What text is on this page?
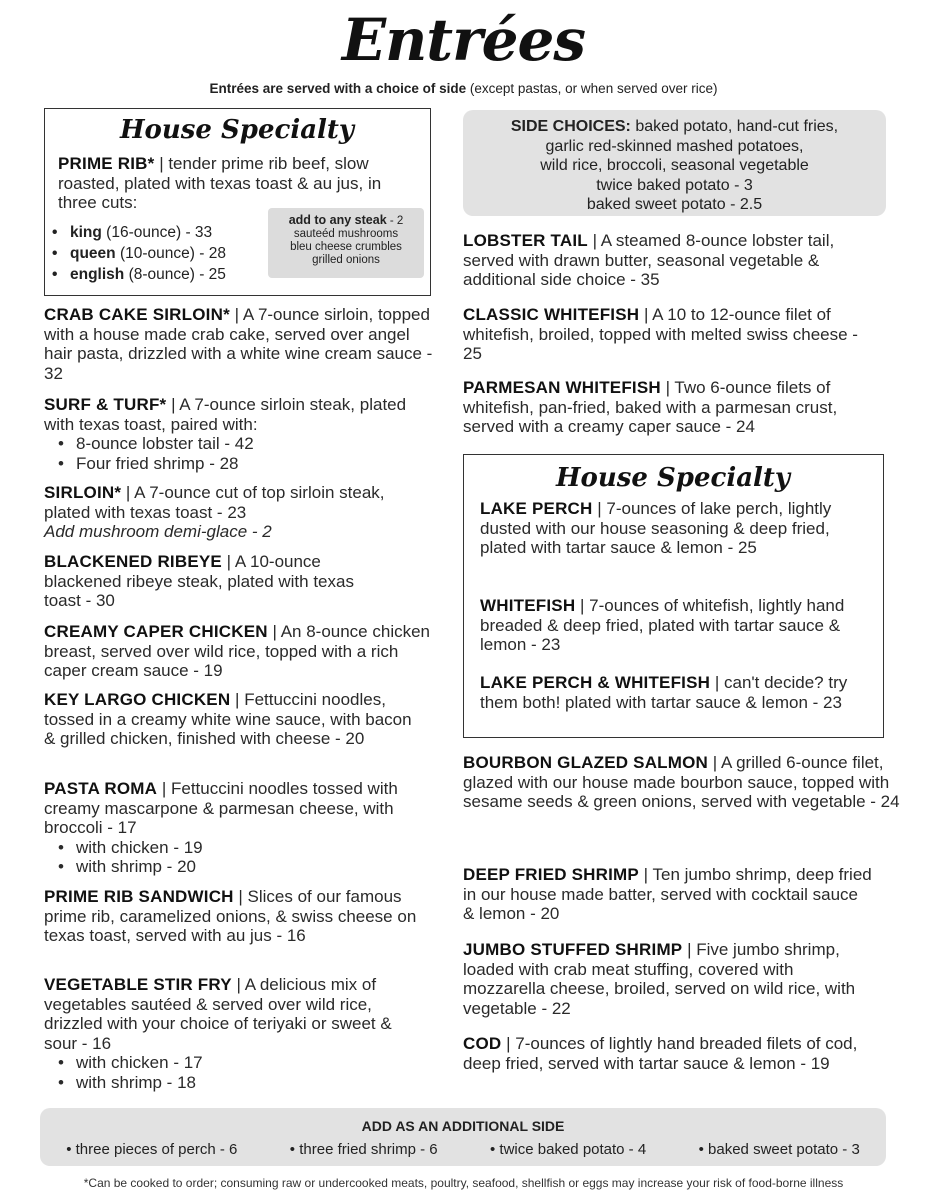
Entrées
Entrées are served with a choice of side (except pastas, or when served over rice)
House Specialty
PRIME RIB* | tender prime rib beef, slow roasted, plated with texas toast & au jus, in three cuts:
• king (16-ounce) - 33
• queen (10-ounce) - 28
• english (8-ounce) - 25
add to any steak - 2
sauteéd mushrooms
bleu cheese crumbles
grilled onions
SIDE CHOICES: baked potato, hand-cut fries,
garlic red-skinned mashed potatoes,
wild rice, broccoli, seasonal vegetable
twice baked potato - 3
baked sweet potato - 2.5
CRAB CAKE SIRLOIN* | A 7-ounce sirloin, topped with a house made crab cake, served over angel hair pasta, drizzled with a white wine cream sauce - 32
SURF & TURF* | A 7-ounce sirloin steak, plated with texas toast, paired with:
• 8-ounce lobster tail - 42
• Four fried shrimp - 28
SIRLOIN* | A 7-ounce cut of top sirloin steak, plated with texas toast - 23
Add mushroom demi-glace - 2
BLACKENED RIBEYE | A 10-ounce blackened ribeye steak, plated with texas toast - 30
CREAMY CAPER CHICKEN | An 8-ounce chicken breast, served over wild rice, topped with a rich caper cream sauce - 19
KEY LARGO CHICKEN | Fettuccini noodles, tossed in a creamy white wine sauce, with bacon & grilled chicken, finished with cheese - 20
PASTA ROMA | Fettuccini noodles tossed with creamy mascarpone & parmesan cheese, with broccoli - 17
• with chicken - 19
• with shrimp - 20
PRIME RIB SANDWICH | Slices of our famous prime rib, caramelized onions, & swiss cheese on texas toast, served with au jus - 16
VEGETABLE STIR FRY | A delicious mix of vegetables sautéed & served over wild rice, drizzled with your choice of teriyaki or sweet & sour - 16
• with chicken - 17
• with shrimp - 18
LOBSTER TAIL | A steamed 8-ounce lobster tail, served with drawn butter, seasonal vegetable & additional side choice - 35
CLASSIC WHITEFISH | A 10 to 12-ounce filet of whitefish, broiled, topped with melted swiss cheese - 25
PARMESAN WHITEFISH | Two 6-ounce filets of whitefish, pan-fried, baked with a parmesan crust, served with a creamy caper sauce - 24
House Specialty
LAKE PERCH | 7-ounces of lake perch, lightly dusted with our house seasoning & deep fried, plated with tartar sauce & lemon - 25
WHITEFISH | 7-ounces of whitefish, lightly hand breaded & deep fried, plated with tartar sauce & lemon - 23
LAKE PERCH & WHITEFISH | can't decide? try them both! plated with tartar sauce & lemon - 23
BOURBON GLAZED SALMON | A grilled 6-ounce filet, glazed with our house made bourbon sauce, topped with sesame seeds & green onions, served with vegetable - 24
DEEP FRIED SHRIMP | Ten jumbo shrimp, deep fried in our house made batter, served with cocktail sauce & lemon - 20
JUMBO STUFFED SHRIMP | Five jumbo shrimp, loaded with crab meat stuffing, covered with mozzarella cheese, broiled, served on wild rice, with vegetable - 22
COD | 7-ounces of lightly hand breaded filets of cod, deep fried, served with tartar sauce & lemon - 19
ADD AS AN ADDITIONAL SIDE
• three pieces of perch - 6	• three fried shrimp - 6	• twice baked potato - 4	• baked sweet potato - 3
*Can be cooked to order; consuming raw or undercooked meats, poultry, seafood, shellfish or eggs may increase your risk of food-borne illness
